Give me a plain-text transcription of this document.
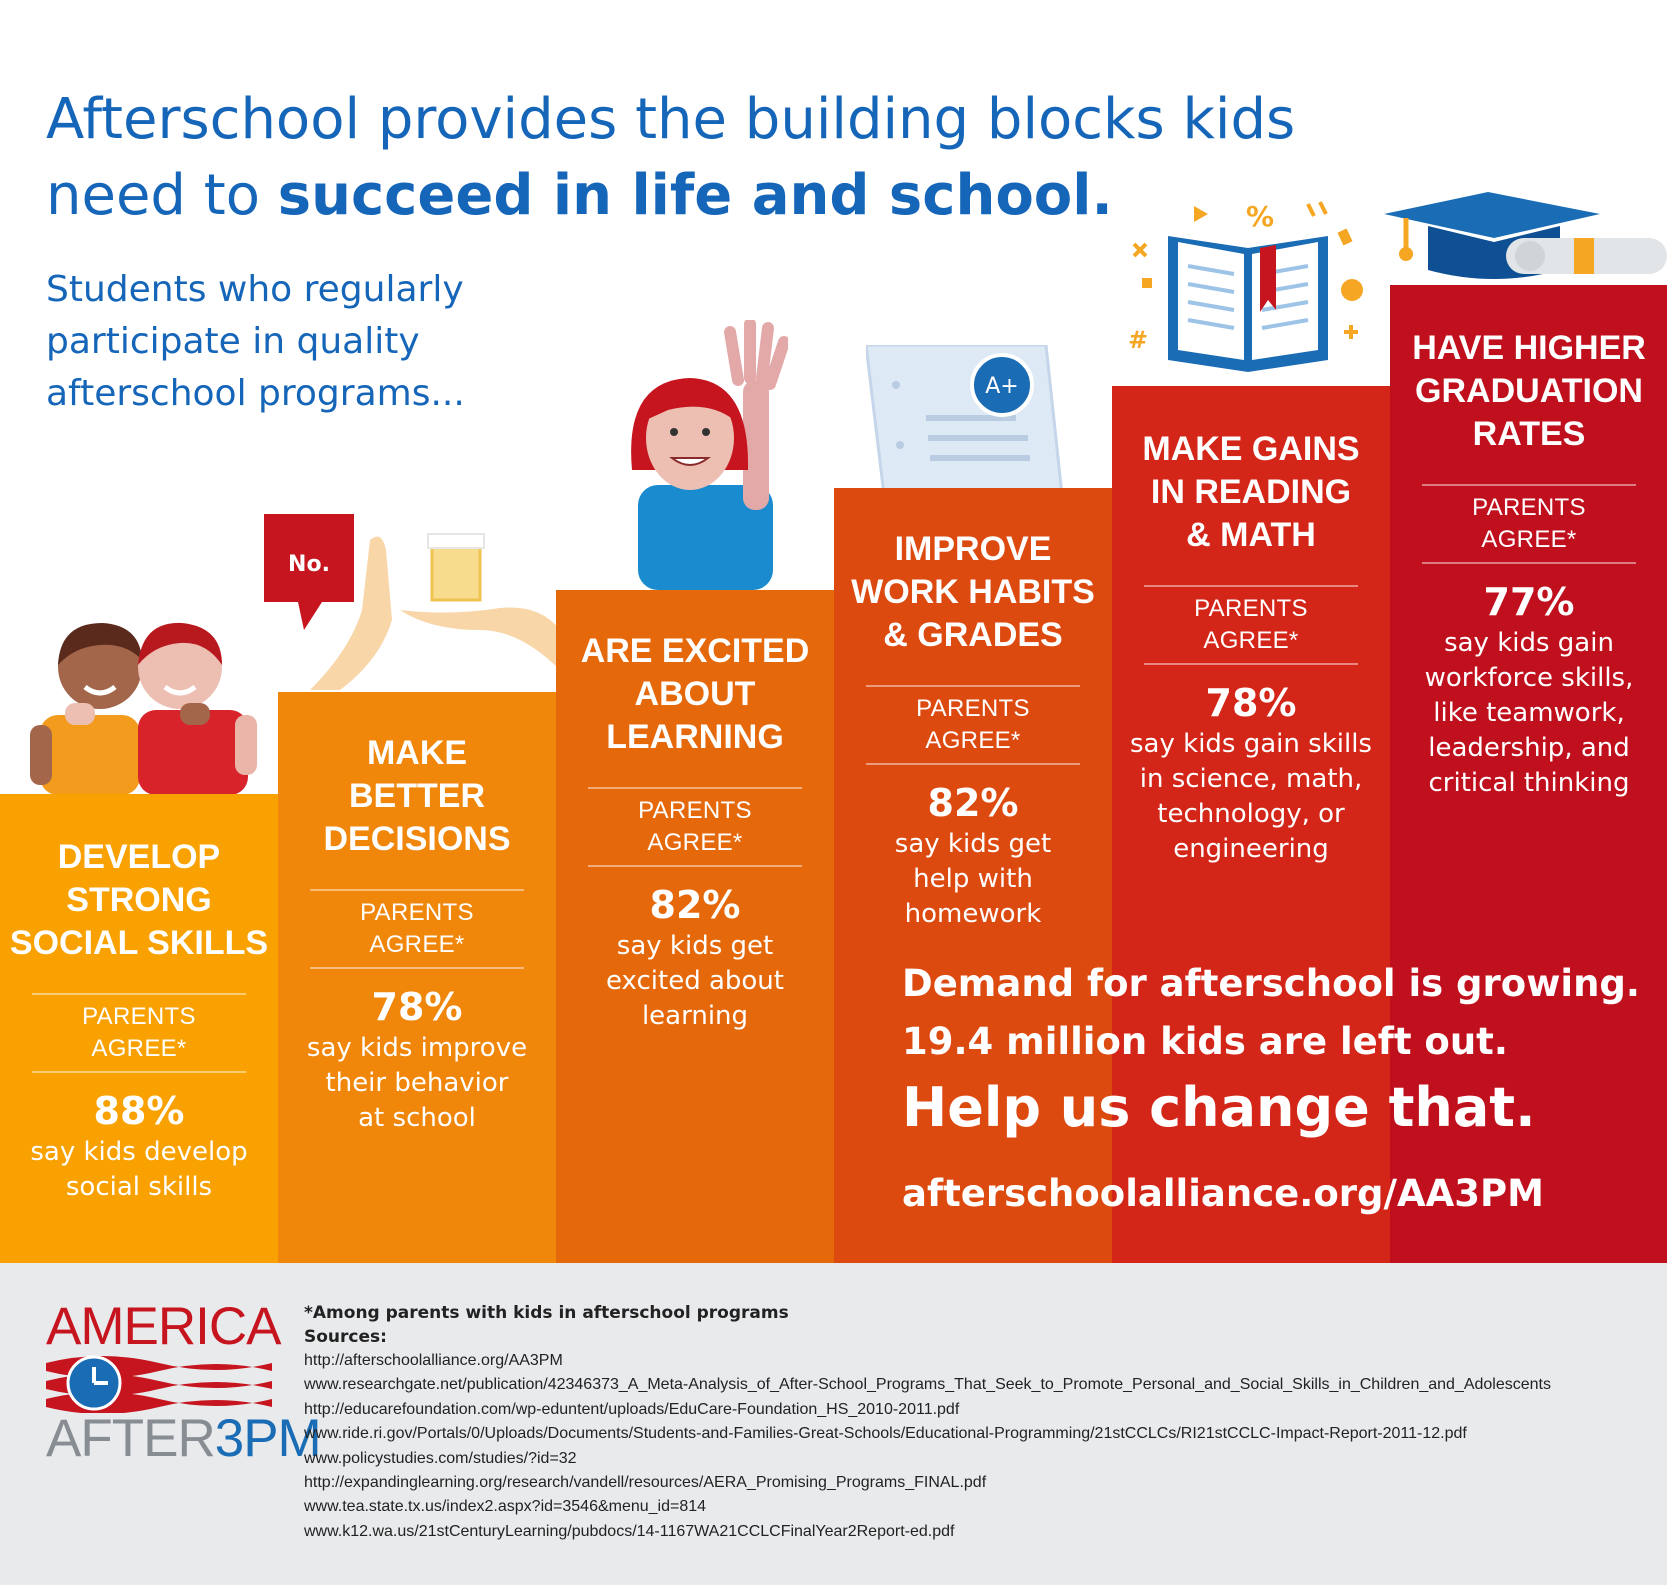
Afterschool provides the building blocks kids
need to succeed in life and school.
Students who regularly
participate in quality
afterschool programs...
No.
A+
%
#
DEVELOP
STRONG
SOCIAL SKILLS
PARENTS AGREE*
88%
say kids develop
social skills
MAKE
BETTER
DECISIONS
PARENTS AGREE*
78%
say kids improve
their behavior
at school
ARE EXCITED
ABOUT
LEARNING
PARENTS AGREE*
82%
say kids get
excited about
learning
IMPROVE
WORK HABITS
& GRADES
PARENTS AGREE*
82%
say kids get
help with
homework
MAKE GAINS
IN READING
& MATH
PARENTS AGREE*
78%
say kids gain skills
in science, math,
technology, or
engineering
HAVE HIGHER
GRADUATION
RATES
PARENTS AGREE*
77%
say kids gain
workforce skills,
like teamwork,
leadership, and
critical thinking
Demand for afterschool is growing.
19.4 million kids are left out.
Help us change that.
afterschoolalliance.org/AA3PM
AMERICA
AFTER3PM
*Among parents with kids in afterschool programs
Sources:
http://afterschoolalliance.org/AA3PM
www.researchgate.net/publication/42346373_A_Meta-Analysis_of_After-School_Programs_That_Seek_to_Promote_Personal_and_Social_Skills_in_Children_and_Adolescents
http://educarefoundation.com/wp-eduntent/uploads/EduCare-Foundation_HS_2010-2011.pdf
www.ride.ri.gov/Portals/0/Uploads/Documents/Students-and-Families-Great-Schools/Educational-Programming/21stCCLCs/RI21stCCLC-Impact-Report-2011-12.pdf
www.policystudies.com/studies/?id=32
http://expandinglearning.org/research/vandell/resources/AERA_Promising_Programs_FINAL.pdf
www.tea.state.tx.us/index2.aspx?id=3546&menu_id=814
www.k12.wa.us/21stCenturyLearning/pubdocs/14-1167WA21CCLCFinalYear2Report-ed.pdf
